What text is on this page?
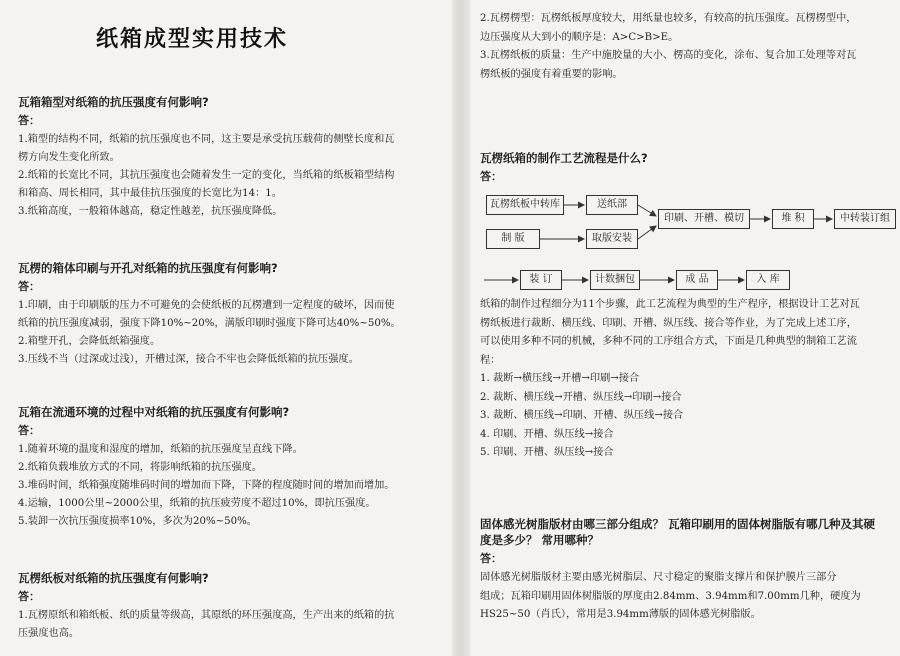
纸箱成型实用技术

瓦箱箱型对纸箱的抗压强度有何影响?

答：

1.箱型的结构不同，纸箱的抗压强度也不同，这主要是承受抗压载荷的侧壁长度和瓦

楞方向发生变化所致。

2.纸箱的长宽比不同，其抗压强度也会随着发生一定的变化，当纸箱的纸板箱型结构

和箱高、周长相同，其中最佳抗压强度的长宽比为14：1。

3.纸箱高度，一般箱体越高，稳定性越差，抗压强度降低。

瓦楞的箱体印刷与开孔对纸箱的抗压强度有何影响?

答：

1.印刷，由于印刷版的压力不可避免的会使纸板的瓦楞遭到一定程度的破坏，因而使

纸箱的抗压强度减弱，强度下降10%~20%，满版印刷时强度下降可达40%~50%。

2.箱壁开孔，会降低纸箱强度。

3.压线不当（过深或过浅），开槽过深，接合不牢也会降低纸箱的抗压强度。

瓦箱在流通环境的过程中对纸箱的抗压强度有何影响?

答：

1.随着环境的温度和湿度的增加，纸箱的抗压强度呈直线下降。

2.纸箱负载堆放方式的不同，将影响纸箱的抗压强度。

3.堆码时间，纸箱强度随堆码时间的增加而下降，下降的程度随时间的增加而增加。

4.运输，1000公里~2000公里，纸箱的抗压疲劳度不超过10%，即抗压强度。

5.装卸一次抗压强度损率10%，多次为20%~50%。

瓦楞纸板对纸箱的抗压强度有何影响?

答：

1.瓦楞原纸和箱纸板、纸的质量等级高，其原纸的环压强度高，生产出来的纸箱的抗

压强度也高。

2.瓦楞楞型：瓦楞纸板厚度较大，用纸量也较多，有较高的抗压强度。瓦楞楞型中，

边压强度从大到小的顺序是：A>C>B>E。

3.瓦楞纸板的质量：生产中施胶量的大小、楞高的变化，涂布、复合加工处理等对瓦

楞纸板的强度有着重要的影响。

瓦楞纸箱的制作工艺流程是什么?

答：

纸箱的制作过程细分为11个步骤，此工艺流程为典型的生产程序，根据设计工艺对瓦

楞纸板进行裁断、横压线、印刷、开槽、纵压线、接合等作业，为了完成上述工序，

可以使用多种不同的机械，多种不同的工序组合方式，下面是几种典型的制箱工艺流

程：

1. 裁断→横压线→开槽→印刷→接合

2. 裁断、横压线→开槽、纵压线→印刷→接合

3. 裁断、横压线→印刷、开槽、纵压线→接合

4. 印刷、开槽、纵压线→接合

5. 印刷、开槽、纵压线→接合

固体感光树脂版材由哪三部分组成？ 瓦箱印刷用的固体树脂版有哪几种及其硬

度是多少？ 常用哪种？

答：

固体感光树脂版材主要由感光树脂层、尺寸稳定的聚脂支撑片和保护膜片三部分

组成；瓦箱印刷用固体树脂版的厚度由2.84mm、3.94mm和7.00mm几种，硬度为

HS25~50（肖氏），常用是3.94mm薄版的固体感光树脂版。

瓦楞纸板中转库	送纸部
印刷、开槽、模切	堆 积	中转装订组
制 版	取版安装
装 订	计数捆包	成 品	入 库
